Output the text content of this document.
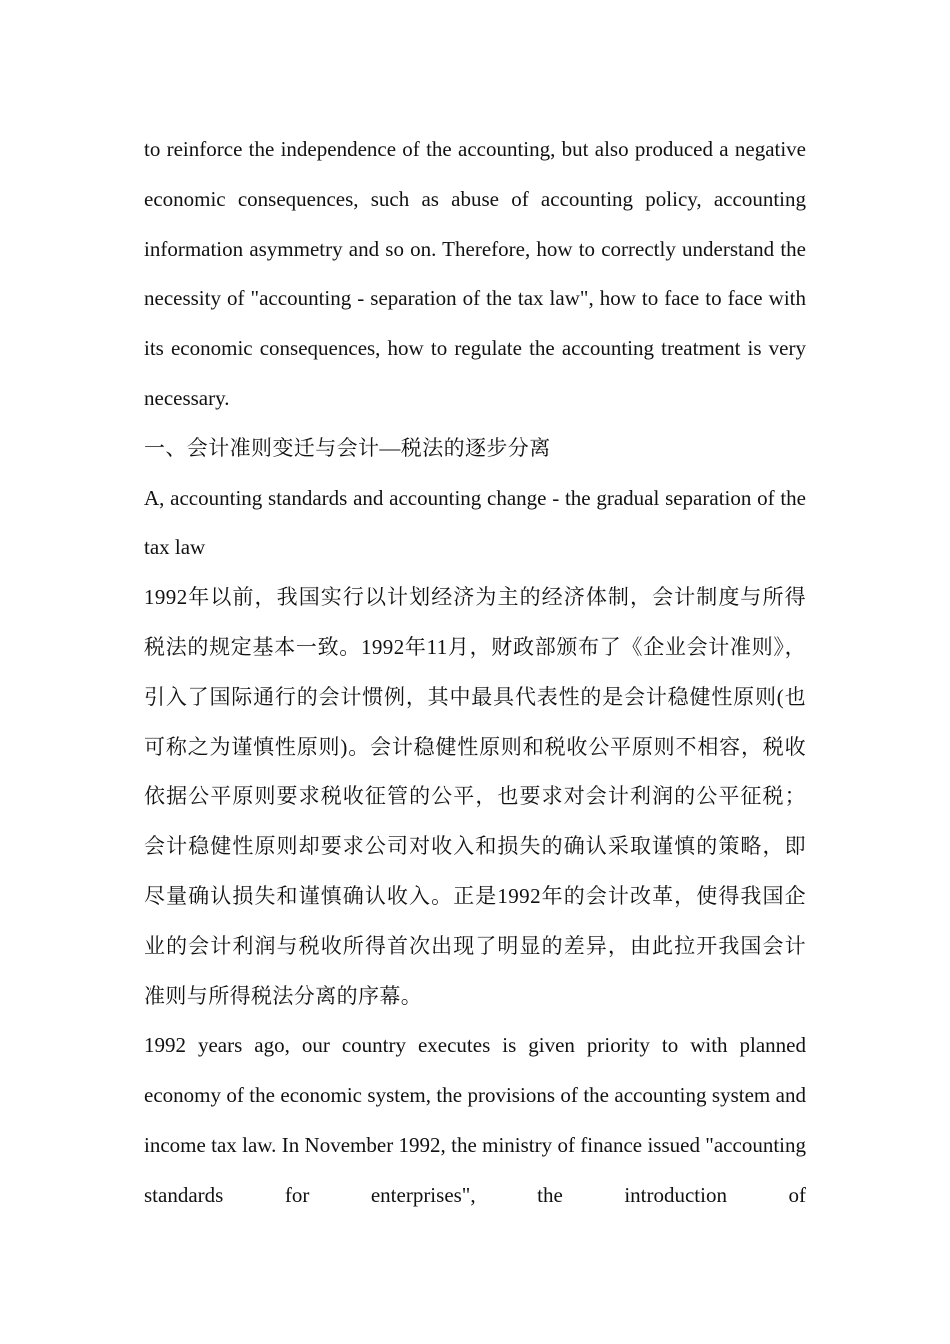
to reinforce the independence of the accounting, but also produced a negative economic consequences, such as abuse of accounting policy, accounting information asymmetry and so on. Therefore, how to correctly understand the necessity of "accounting - separation of the tax law", how to face to face with its economic consequences, how to regulate the accounting treatment is very necessary.

一、会计准则变迁与会计—税法的逐步分离

A, accounting standards and accounting change - the gradual separation of the tax law

1992年以前，我国实行以计划经济为主的经济体制，会计制度与所得税法的规定基本一致。1992年11月，财政部颁布了《企业会计准则》，引入了国际通行的会计惯例，其中最具代表性的是会计稳健性原则(也可称之为谨慎性原则)。会计稳健性原则和税收公平原则不相容，税收依据公平原则要求税收征管的公平，也要求对会计利润的公平征税；会计稳健性原则却要求公司对收入和损失的确认采取谨慎的策略，即尽量确认损失和谨慎确认收入。正是1992年的会计改革，使得我国企业的会计利润与税收所得首次出现了明显的差异，由此拉开我国会计准则与所得税法分离的序幕。

1992 years ago, our country executes is given priority to with planned economy of the economic system, the provisions of the accounting system and income tax law. In November 1992, the ministry of finance issued "accounting standards for enterprises", the introduction of
